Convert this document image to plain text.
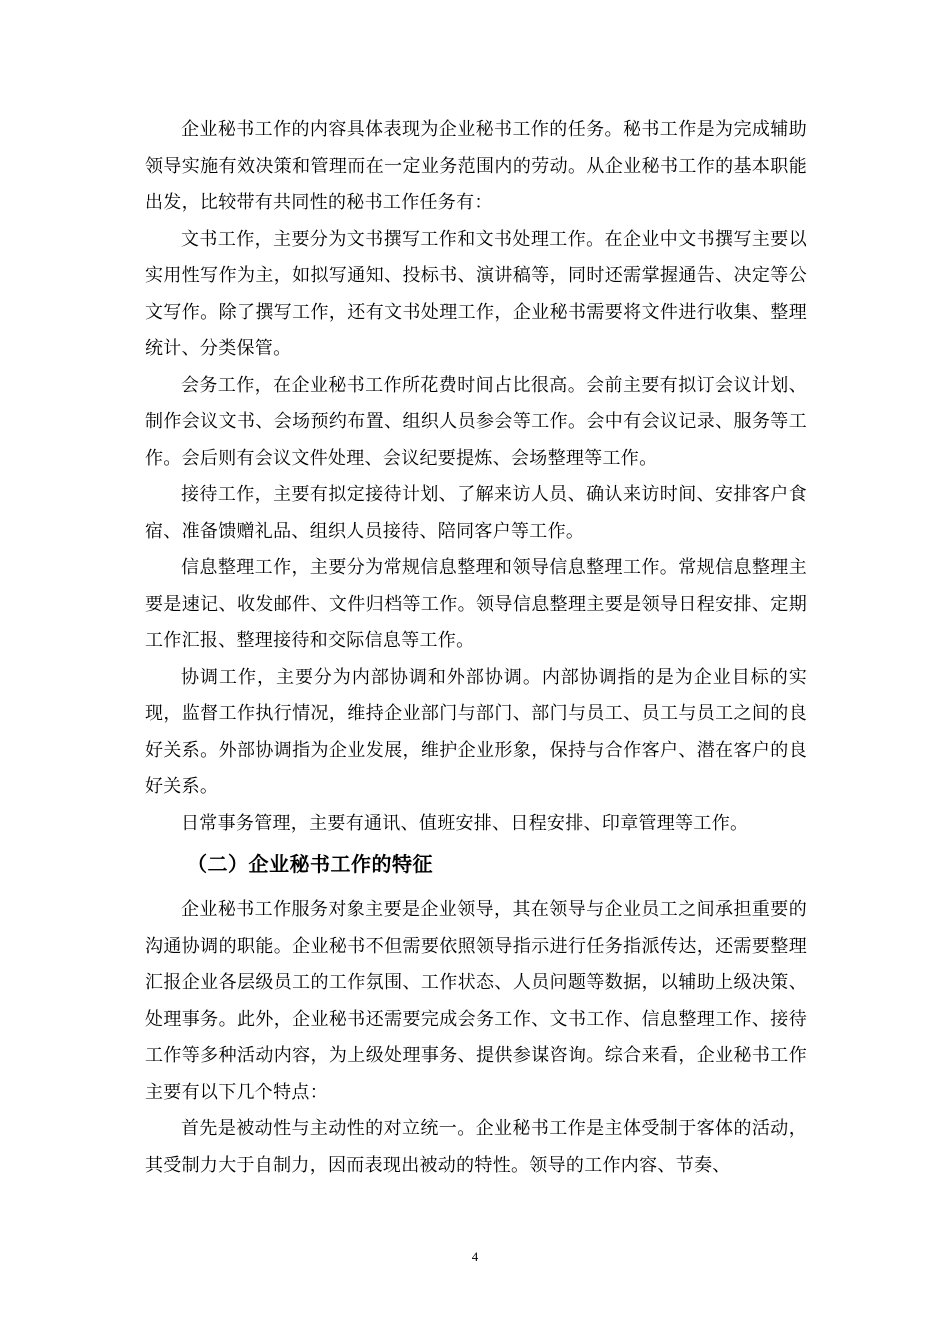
企业秘书工作的内容具体表现为企业秘书工作的任务。秘书工作是为完成辅助领导实施有效决策和管理而在一定业务范围内的劳动。从企业秘书工作的基本职能出发，比较带有共同性的秘书工作任务有：

文书工作，主要分为文书撰写工作和文书处理工作。在企业中文书撰写主要以实用性写作为主，如拟写通知、投标书、演讲稿等，同时还需掌握通告、决定等公文写作。除了撰写工作，还有文书处理工作，企业秘书需要将文件进行收集、整理统计、分类保管。

会务工作，在企业秘书工作所花费时间占比很高。会前主要有拟订会议计划、制作会议文书、会场预约布置、组织人员参会等工作。会中有会议记录、服务等工作。会后则有会议文件处理、会议纪要提炼、会场整理等工作。

接待工作，主要有拟定接待计划、了解来访人员、确认来访时间、安排客户食宿、准备馈赠礼品、组织人员接待、陪同客户等工作。

信息整理工作，主要分为常规信息整理和领导信息整理工作。常规信息整理主要是速记、收发邮件、文件归档等工作。领导信息整理主要是领导日程安排、定期工作汇报、整理接待和交际信息等工作。

协调工作，主要分为内部协调和外部协调。内部协调指的是为企业目标的实现，监督工作执行情况，维持企业部门与部门、部门与员工、员工与员工之间的良好关系。外部协调指为企业发展，维护企业形象，保持与合作客户、潜在客户的良好关系。

日常事务管理，主要有通讯、值班安排、日程安排、印章管理等工作。

（二）企业秘书工作的特征

企业秘书工作服务对象主要是企业领导，其在领导与企业员工之间承担重要的沟通协调的职能。企业秘书不但需要依照领导指示进行任务指派传达，还需要整理汇报企业各层级员工的工作氛围、工作状态、人员问题等数据，以辅助上级决策、处理事务。此外，企业秘书还需要完成会务工作、文书工作、信息整理工作、接待工作等多种活动内容，为上级处理事务、提供参谋咨询。综合来看，企业秘书工作主要有以下几个特点：

首先是被动性与主动性的对立统一。企业秘书工作是主体受制于客体的活动，其受制力大于自制力，因而表现出被动的特性。领导的工作内容、节奏、

4
